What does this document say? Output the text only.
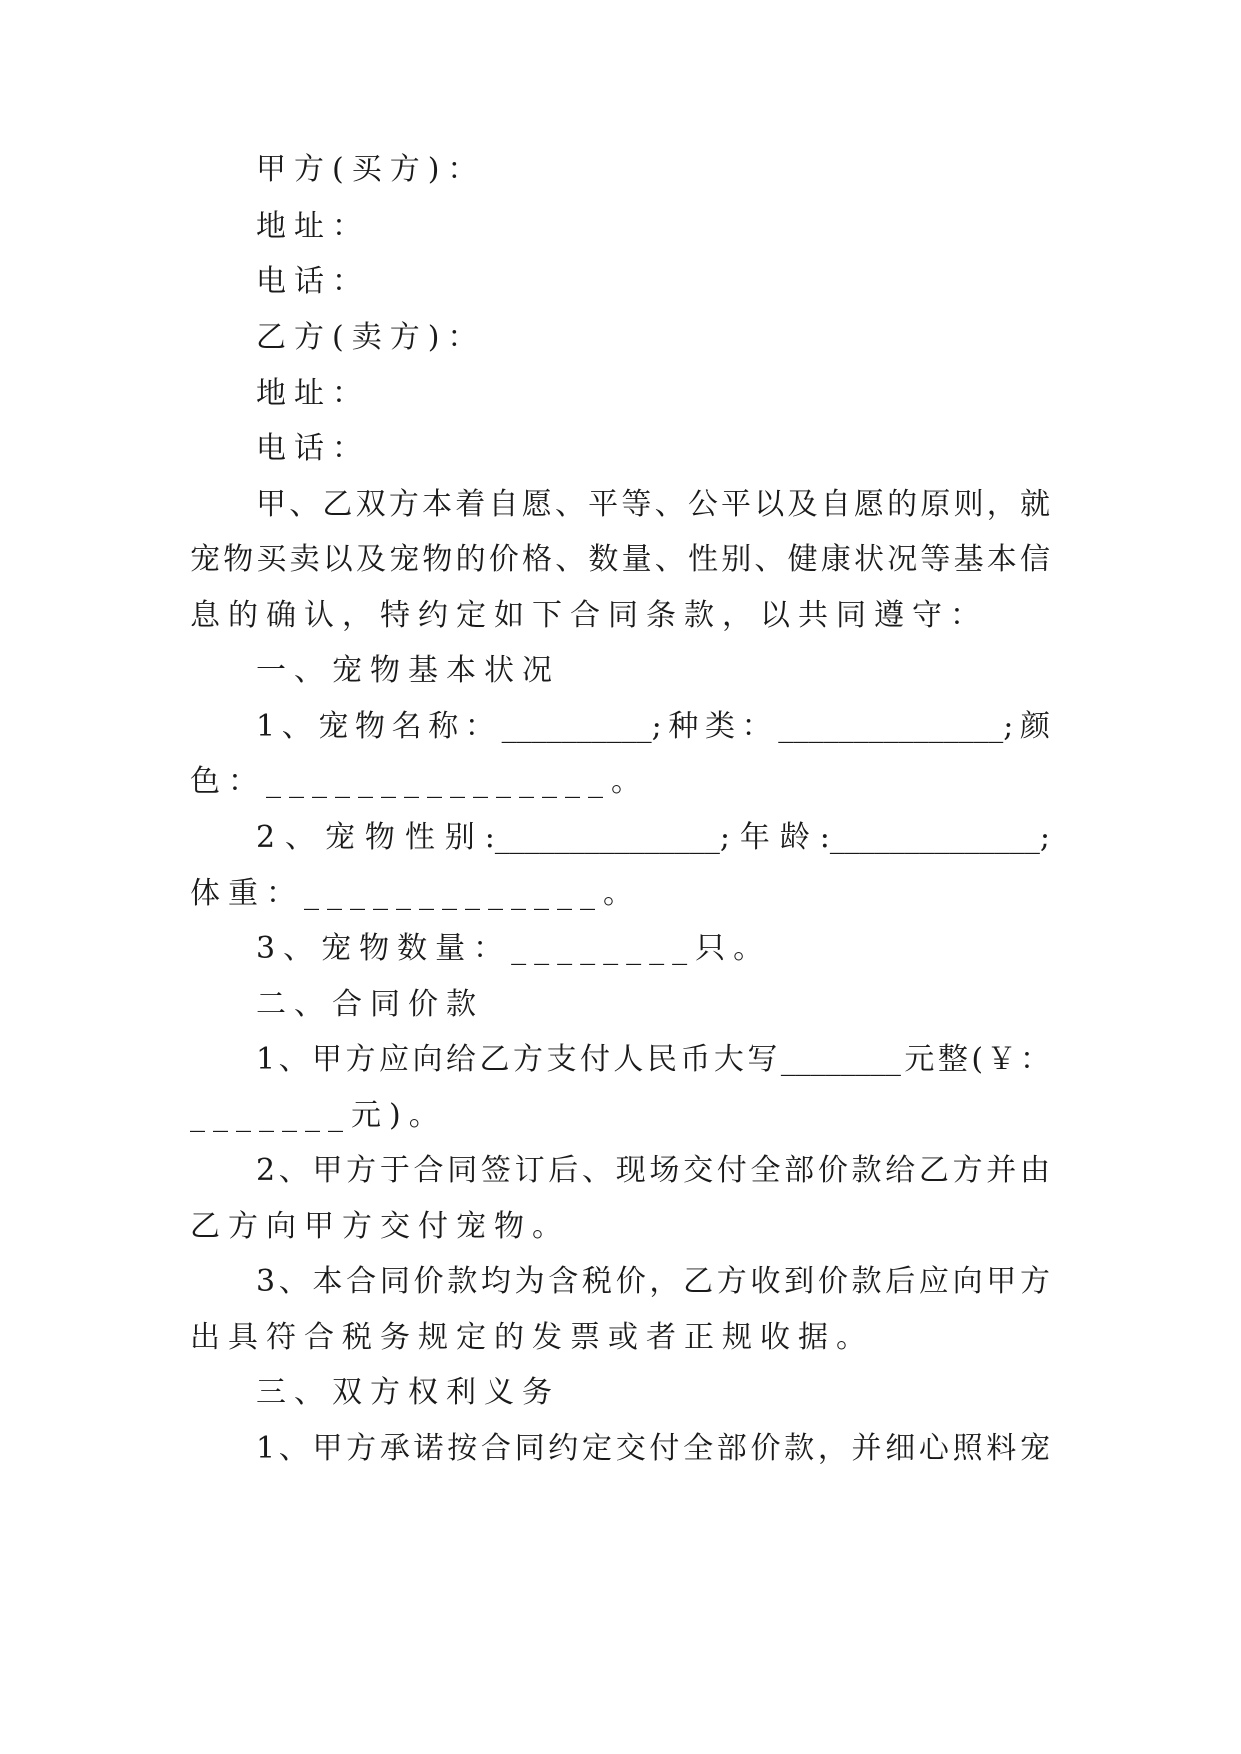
甲方(买方)：

地址：

电话：

乙方(卖方)：

地址：

电话：

甲、乙双方本着自愿、平等、公平以及自愿的原则，就

宠物买卖以及宠物的价格、数量、性别、健康状况等基本信

息的确认，特约定如下合同条款，以共同遵守：

一、宠物基本状况

1、宠物名称：__________;种类：_______________;颜

色：_______________。

2、宠物性别:_______________;年龄:______________;

体重：_____________。

3、宠物数量：________只。

二、合同价款

1、甲方应向给乙方支付人民币大写________元整(￥：

_______元)。

2、甲方于合同签订后、现场交付全部价款给乙方并由

乙方向甲方交付宠物。

3、本合同价款均为含税价，乙方收到价款后应向甲方

出具符合税务规定的发票或者正规收据。

三、双方权利义务

1、甲方承诺按合同约定交付全部价款，并细心照料宠
